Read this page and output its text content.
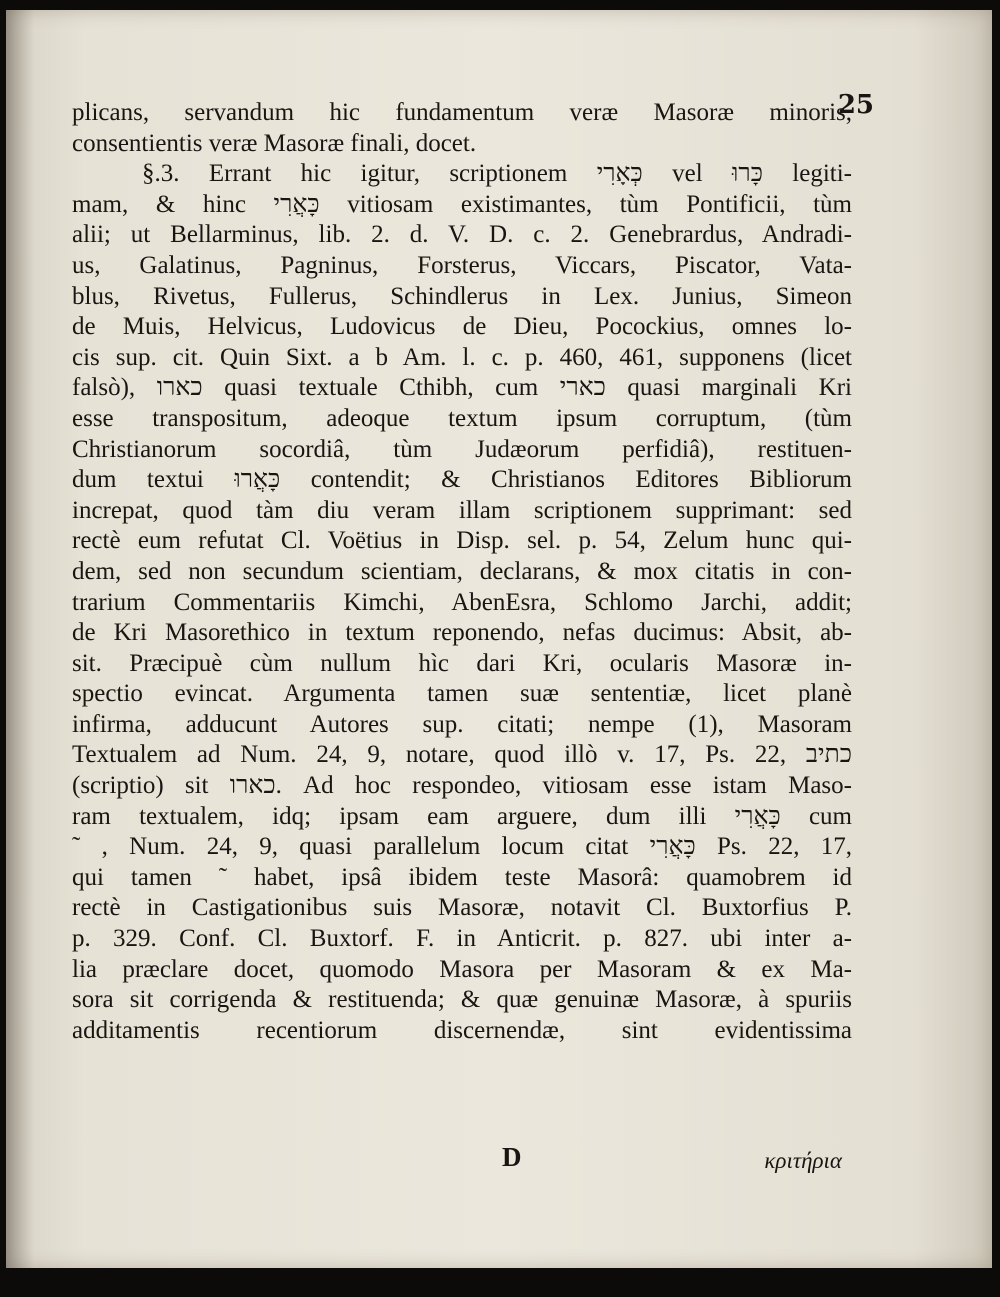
25
plicans, servandum hic fundamentum veræ Masoræ minoris,
consentientis veræ Masoræ finali, docet.
§.3. Errant hic igitur, scriptionem כְּאָרִי vel כָּרוּ legiti-
mam, & hinc כָּאֲרִי vitiosam existimantes, tùm Pontificii, tùm
alii; ut Bellarminus, lib. 2. d. V. D. c. 2. Genebrardus, Andradi-
us, Galatinus, Pagninus, Forsterus, Viccars, Piscator, Vata-
blus, Rivetus, Fullerus, Schindlerus in Lex. Junius, Simeon
de Muis, Helvicus, Ludovicus de Dieu, Pocockius, omnes lo-
cis sup. cit. Quin Sixt. a b Am. l. c. p. 460, 461, supponens (licet
falsò), כארו quasi textuale Cthibh, cum כארי quasi marginali Kri
esse transpositum, adeoque textum ipsum corruptum, (tùm
Christianorum socordiâ, tùm Judæorum perfidiâ), restituen-
dum textui כָּאֲרוּ contendit; & Christianos Editores Bibliorum
increpat, quod tàm diu veram illam scriptionem supprimant: sed
rectè eum refutat Cl. Voëtius in Disp. sel. p. 54, Zelum hunc qui-
dem, sed non secundum scientiam, declarans, & mox citatis in con-
trarium Commentariis Kimchi, AbenEsra, Schlomo Jarchi, addit;
de Kri Masorethico in textum reponendo, nefas ducimus: Absit, ab-
sit. Præcipuè cùm nullum hìc dari Kri, ocularis Masoræ in-
spectio evincat. Argumenta tamen suæ sententiæ, licet planè
infirma, adducunt Autores sup. citati; nempe (1), Masoram
Textualem ad Num. 24, 9, notare, quod illò v. 17, Ps. 22, כתיב
(scriptio) sit כארו. Ad hoc respondeo, vitiosam esse istam Maso-
ram textualem, idq; ipsam eam arguere, dum illi כָּאֲרִי cum
˜ , Num. 24, 9, quasi parallelum locum citat כָּאֲרִי Ps. 22, 17,
qui tamen ˜ habet, ipsâ ibidem teste Masorâ: quamobrem id
rectè in Castigationibus suis Masoræ, notavit Cl. Buxtorfius P.
p. 329. Conf. Cl. Buxtorf. F. in Anticrit. p. 827. ubi inter a-
lia præclare docet, quomodo Masora per Masoram & ex Ma-
sora sit corrigenda & restituenda; & quæ genuinæ Masoræ, à spuriis
additamentis recentiorum discernendæ, sint evidentissima
D	κριτήρια
